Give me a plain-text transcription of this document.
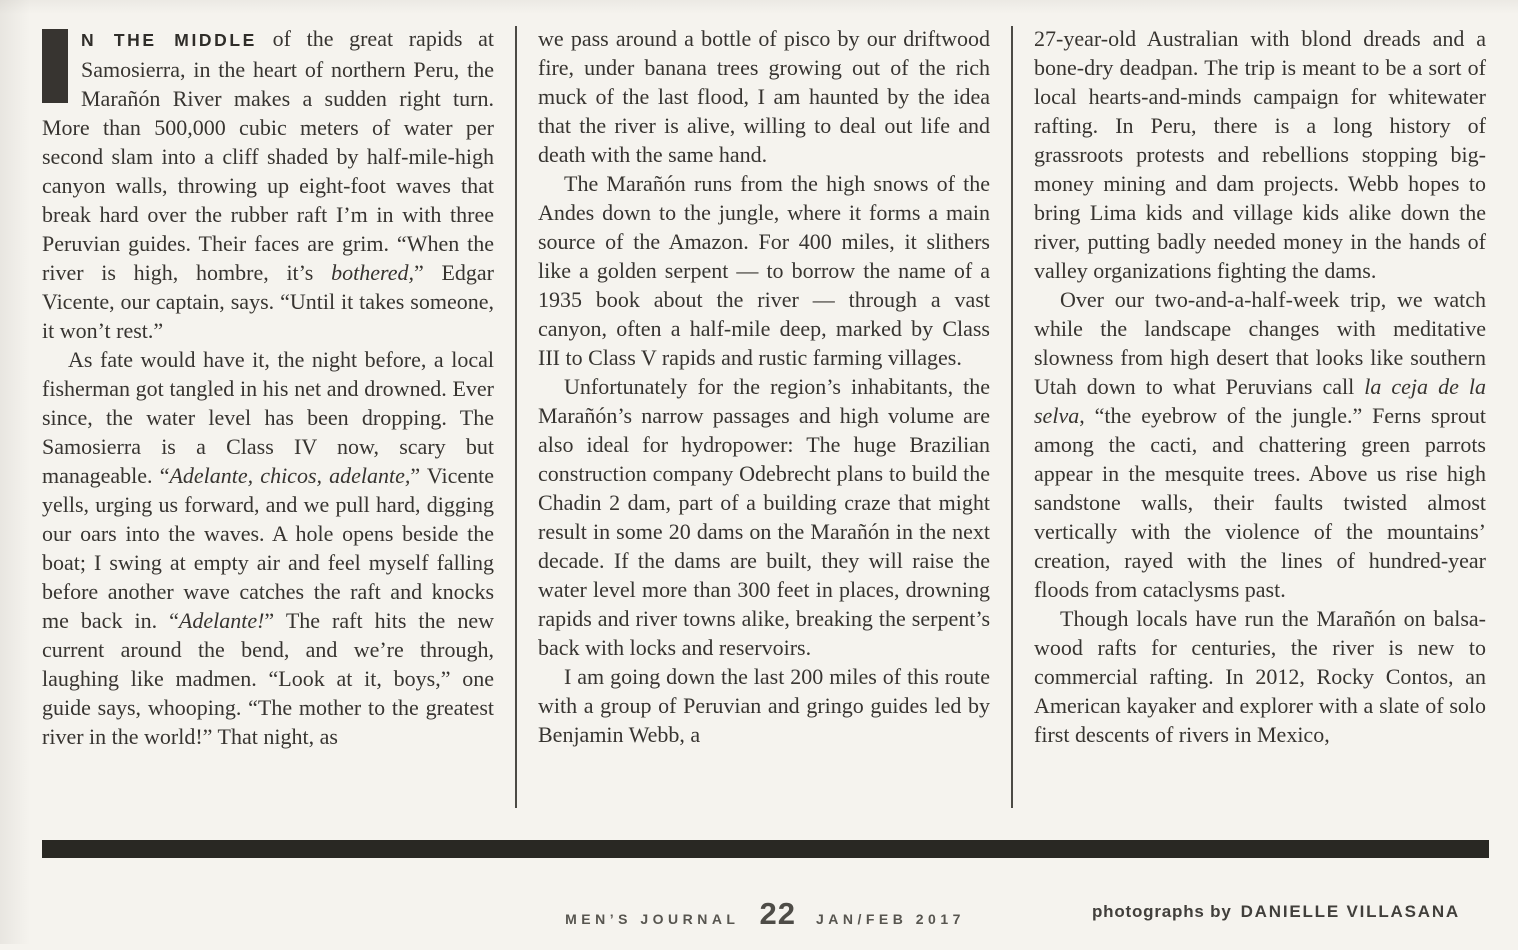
N THE MIDDLE of the great rapids at Samosierra, in the heart of northern Peru, the Marañón River makes a sudden right turn. More than 500,000 cubic meters of water per second slam into a cliff shaded by half-mile-high canyon walls, throwing up eight-foot waves that break hard over the rubber raft I’m in with three Peruvian guides. Their faces are grim. “When the river is high, hombre, it’s bothered,” Edgar Vicente, our captain, says. “Until it takes someone, it won’t rest.”

As fate would have it, the night before, a local fisherman got tangled in his net and drowned. Ever since, the water level has been dropping. The Samosierra is a Class IV now, scary but manageable. “Adelante, chicos, adelante,” Vicente yells, urging us forward, and we pull hard, digging our oars into the waves. A hole opens beside the boat; I swing at empty air and feel myself falling before another wave catches the raft and knocks me back in. “Adelante!” The raft hits the new current around the bend, and we’re through, laughing like madmen. “Look at it, boys,” one guide says, whooping. “The mother to the greatest river in the world!” That night, as

we pass around a bottle of pisco by our driftwood fire, under banana trees growing out of the rich muck of the last flood, I am haunted by the idea that the river is alive, willing to deal out life and death with the same hand.

The Marañón runs from the high snows of the Andes down to the jungle, where it forms a main source of the Amazon. For 400 miles, it slithers like a golden serpent — to borrow the name of a 1935 book about the river — through a vast canyon, often a half-mile deep, marked by Class III to Class V rapids and rustic farming villages.

Unfortunately for the region’s inhabitants, the Marañón’s narrow passages and high volume are also ideal for hydropower: The huge Brazilian construction company Odebrecht plans to build the Chadin 2 dam, part of a building craze that might result in some 20 dams on the Marañón in the next decade. If the dams are built, they will raise the water level more than 300 feet in places, drowning rapids and river towns alike, breaking the serpent’s back with locks and reservoirs.

I am going down the last 200 miles of this route with a group of Peruvian and gringo guides led by Benjamin Webb, a

27-year-old Australian with blond dreads and a bone-dry deadpan. The trip is meant to be a sort of local hearts-and-minds campaign for whitewater rafting. In Peru, there is a long history of grassroots protests and rebellions stopping big-money mining and dam projects. Webb hopes to bring Lima kids and village kids alike down the river, putting badly needed money in the hands of valley organizations fighting the dams.

Over our two-and-a-half-week trip, we watch while the landscape changes with meditative slowness from high desert that looks like southern Utah down to what Peruvians call la ceja de la selva, “the eyebrow of the jungle.” Ferns sprout among the cacti, and chattering green parrots appear in the mesquite trees. Above us rise high sandstone walls, their faults twisted almost vertically with the violence of the mountains’ creation, rayed with the lines of hundred-year floods from cataclysms past.

Though locals have run the Marañón on balsa-wood rafts for centuries, the river is new to commercial rafting. In 2012, Rocky Contos, an American kayaker and explorer with a slate of solo first descents of rivers in Mexico,

MEN’S JOURNAL 22 JAN/FEB 2017	photographs by DANIELLE VILLASANA
